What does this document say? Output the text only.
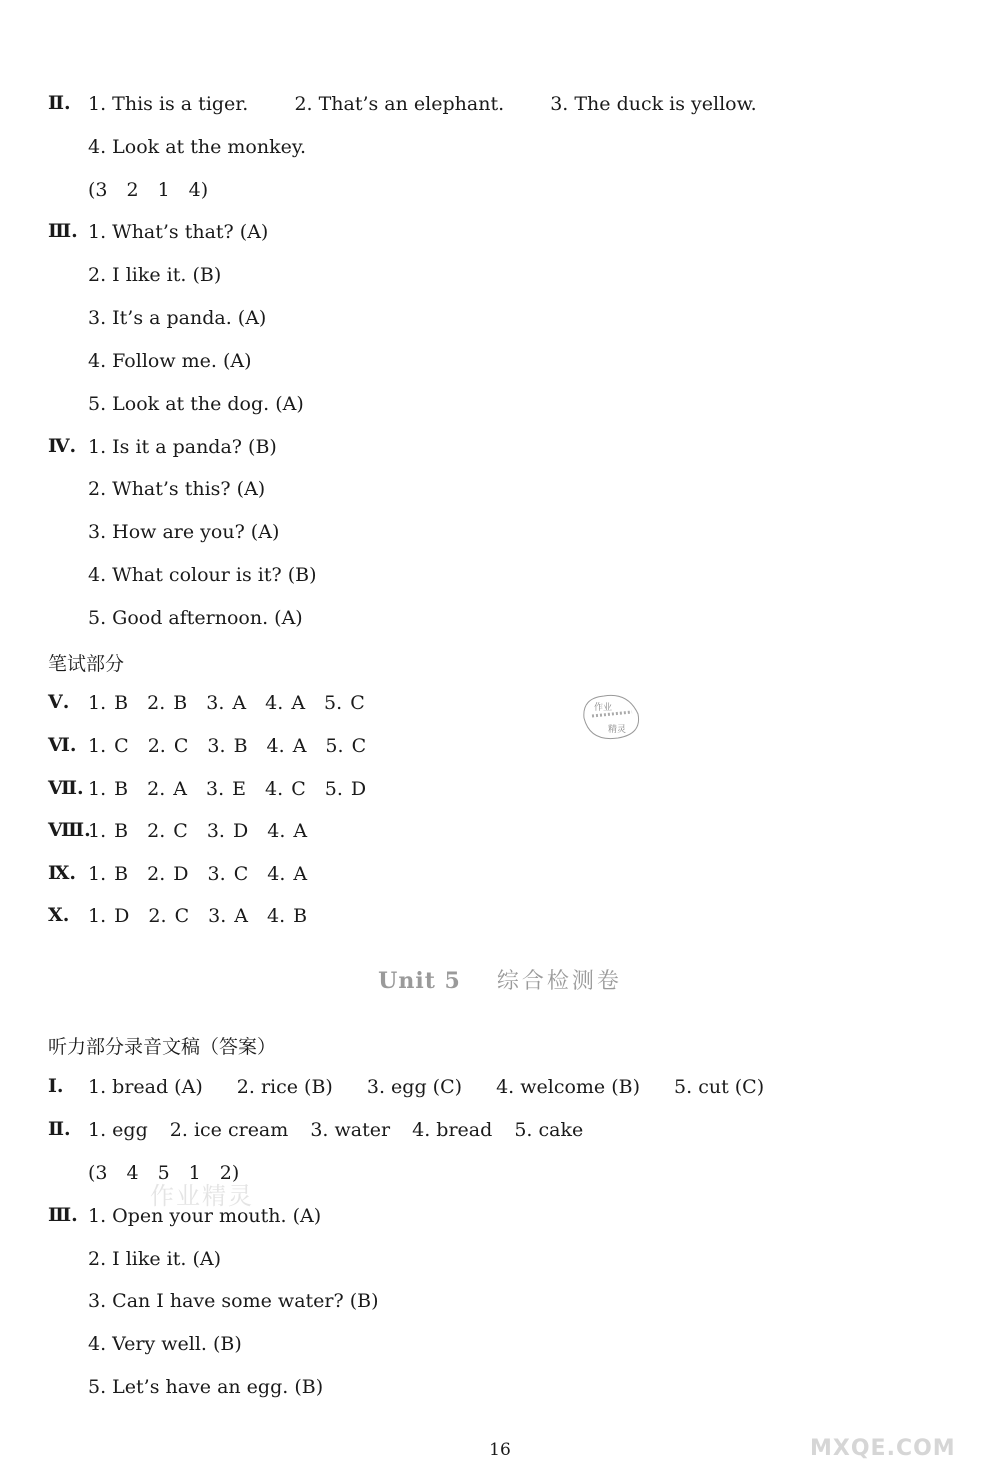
Ⅱ. 1. This is a tiger. 2. That’s an elephant. 3. The duck is yellow.
4. Look at the monkey.
(3　2　1　4)
Ⅲ. 1. What’s that? (A)
2. I like it. (B)
3. It’s a panda. (A)
4. Follow me. (A)
5. Look at the dog. (A)
Ⅳ. 1. Is it a panda? (B)
2. What’s this? (A)
3. How are you? (A)
4. What colour is it? (B)
5. Good afternoon. (A)
笔试部分
Ⅴ. 1. B　2. B　3. A　4. A　5. C
Ⅵ. 1. C　2. C　3. B　4. A　5. C
Ⅶ. 1. B　2. A　3. E　4. C　5. D
Ⅷ.
1. B　2. C　3. D　4. A
Ⅸ. 1. B　2. D　3. C　4. A
Ⅹ. 1. D　2. C　3. A　4. B
作业
精灵
Unit 5 综合检测卷
听力部分录音文稿（答案）
Ⅰ. 1. bread (A) 2. rice (B) 3. egg (C) 4. welcome (B) 5. cut (C)
Ⅱ. 1. egg 2. ice cream 3. water 4. bread 5. cake
(3　4　5　1　2)
作业精灵
Ⅲ. 1. Open your mouth. (A)
2. I like it. (A)
3. Can I have some water? (B)
4. Very well. (B)
5. Let’s have an egg. (B)
16	MXQE.COM
